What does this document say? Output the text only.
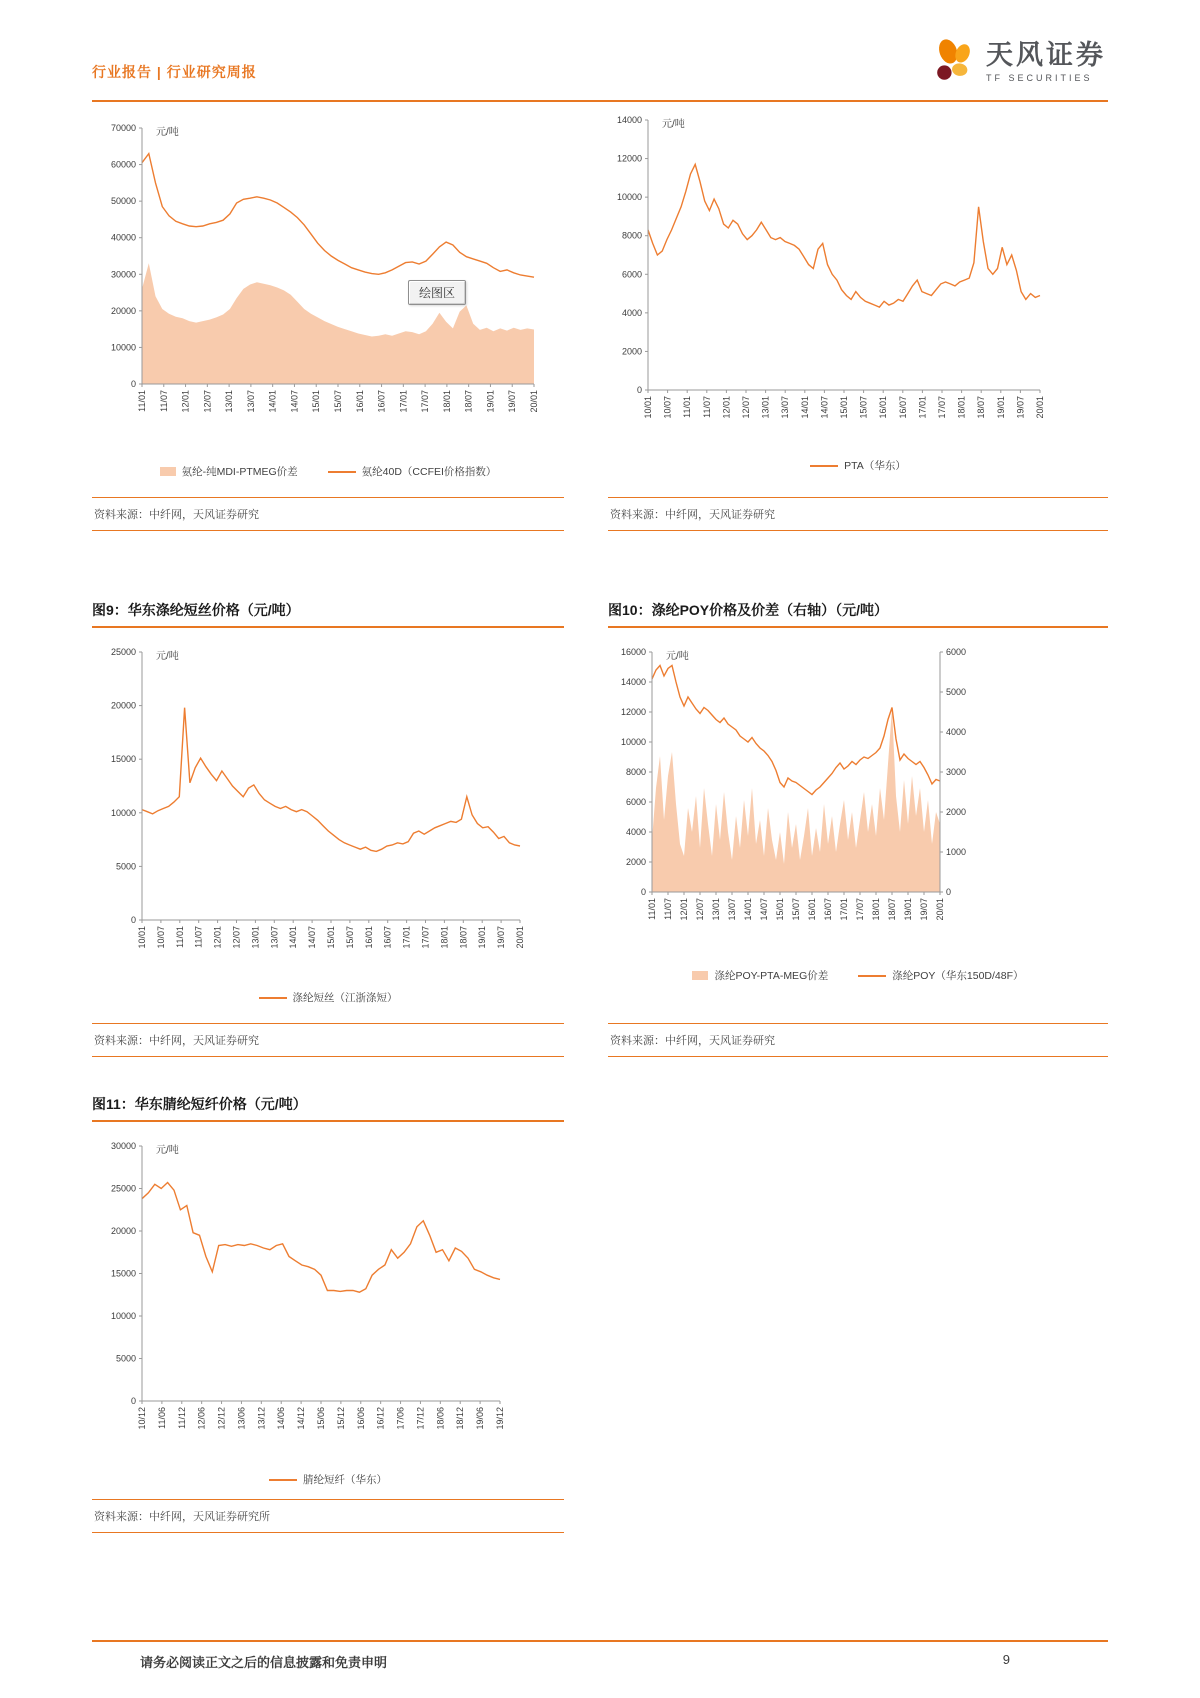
行业报告 | 行业研究周报
天风证券
TF SECURITIES
0
10000
20000
30000
40000
50000
60000
70000
11/01 11/07 12/01 12/07 13/01 13/07 14/01 14/07 15/01 15/07 16/01 16/07 17/01 17/07 18/01 18/07 19/01 19/07 20/01
元/吨
绘图区
氨纶-纯MDI-PTMEG价差	氨纶40D（CCFEI价格指数）
资料来源：中纤网，天风证券研究
0
2000
4000
6000
8000
10000
12000
14000
10/01 10/07 11/01 11/07 12/01 12/07 13/01 13/07 14/01 14/07 15/01 15/07 16/01 16/07 17/01 17/07 18/01 18/07 19/01 19/07 20/01
元/吨
PTA（华东）
资料来源：中纤网，天风证券研究
图9：华东涤纶短丝价格（元/吨）
0
5000
10000
15000
20000
25000
10/01 10/07 11/01 11/07 12/01 12/07 13/01 13/07 14/01 14/07 15/01 15/07 16/01 16/07 17/01 17/07 18/01 18/07 19/01 19/07 20/01
元/吨
涤纶短丝（江浙涤短）
资料来源：中纤网，天风证券研究
图10：涤纶POY价格及价差（右轴）（元/吨）
0
2000
4000
6000
8000
10000
12000
14000
16000
0
1000
2000
3000
4000
5000
6000
11/01 11/07 12/01 12/07 13/01 13/07 14/01 14/07 15/01 15/07 16/01 16/07 17/01 17/07 18/01 18/07 19/01 19/07 20/01
元/吨
涤纶POY-PTA-MEG价差	涤纶POY（华东150D/48F）
资料来源：中纤网，天风证券研究
图11：华东腈纶短纤价格（元/吨）
0
5000
10000
15000
20000
25000
30000
10/12 11/06 11/12 12/06 12/12 13/06 13/12 14/06 14/12 15/06 15/12 16/06 16/12 17/06 17/12 18/06 18/12 19/06 19/12
元/吨
腈纶短纤（华东）
资料来源：中纤网，天风证券研究所
请务必阅读正文之后的信息披露和免责申明	9
